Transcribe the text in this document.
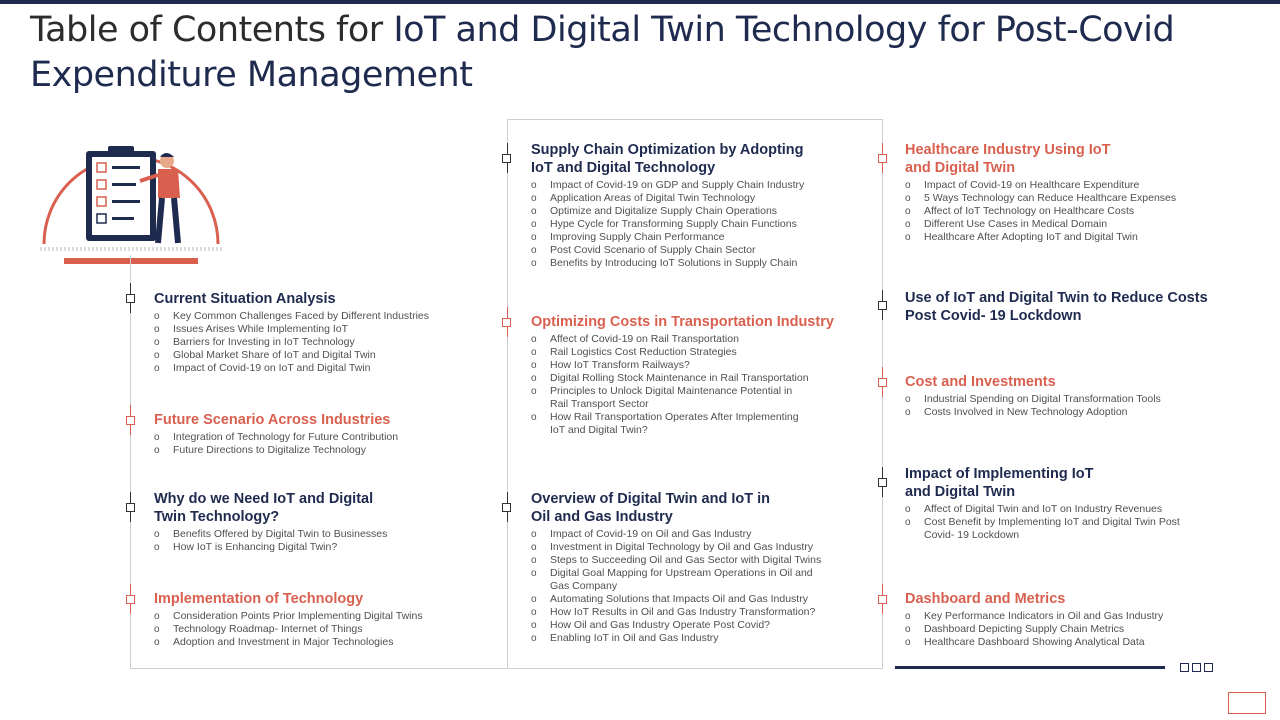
Table of Contents for IoT and Digital Twin Technology for Post-Covid Expenditure Management
Current Situation Analysis
o Key Common Challenges Faced by Different Industries
o Issues Arises While Implementing IoT
o Barriers for Investing in IoT Technology
o Global Market Share of IoT and Digital Twin
o Impact of Covid-19 on IoT and Digital Twin
Future Scenario Across Industries
o Integration of Technology for Future Contribution
o Future Directions to Digitalize Technology
Why do we Need IoT and Digital
Twin Technology?
o Benefits Offered by Digital Twin to Businesses
o How IoT is Enhancing Digital Twin?
Implementation of Technology
o Consideration Points Prior Implementing Digital Twins
o Technology Roadmap- Internet of Things
o Adoption and Investment in Major Technologies
Supply Chain Optimization by Adopting
IoT and Digital Technology
o Impact of Covid-19 on GDP and Supply Chain Industry
o Application Areas of Digital Twin Technology
o Optimize and Digitalize Supply Chain Operations
o Hype Cycle for Transforming Supply Chain Functions
o Improving Supply Chain Performance
o Post Covid Scenario of Supply Chain Sector
o Benefits by Introducing IoT Solutions in Supply Chain
Optimizing Costs in Transportation Industry
o Affect of Covid-19 on Rail Transportation
o Rail Logistics Cost Reduction Strategies
o How IoT Transform Railways?
o Digital Rolling Stock Maintenance in Rail Transportation
o Principles to Unlock Digital Maintenance Potential in Rail Transport Sector
o How Rail Transportation Operates After Implementing IoT and Digital Twin?
Overview of Digital Twin and IoT in
Oil and Gas Industry
o Impact of Covid-19 on Oil and Gas Industry
o Investment in Digital Technology by Oil and Gas Industry
o Steps to Succeeding Oil and Gas Sector with Digital Twins
o Digital Goal Mapping for Upstream Operations in Oil and Gas Company
o Automating Solutions that Impacts Oil and Gas Industry
o How IoT Results in Oil and Gas Industry Transformation?
o How Oil and Gas Industry Operate Post Covid?
o Enabling IoT in Oil and Gas Industry
Healthcare Industry Using IoT
and Digital Twin
o Impact of Covid-19 on Healthcare Expenditure
o 5 Ways Technology can Reduce Healthcare Expenses
o Affect of IoT Technology on Healthcare Costs
o Different Use Cases in Medical Domain
o Healthcare After Adopting IoT and Digital Twin
Use of IoT and Digital Twin to Reduce Costs
Post Covid- 19 Lockdown
Cost and Investments
o Industrial Spending on Digital Transformation Tools
o Costs Involved in New Technology Adoption
Impact of Implementing IoT
and Digital Twin
o Affect of Digital Twin and IoT on Industry Revenues
o Cost Benefit by Implementing IoT and Digital Twin Post Covid- 19 Lockdown
Dashboard and Metrics
o Key Performance Indicators in Oil and Gas Industry
o Dashboard Depicting Supply Chain Metrics
o Healthcare Dashboard Showing Analytical Data
